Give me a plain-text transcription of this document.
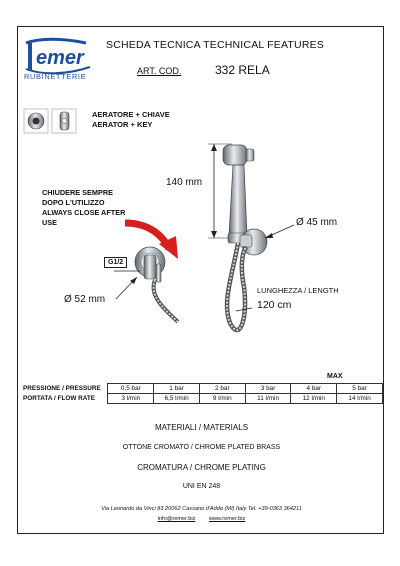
emer
RUBINETTERIE
SCHEDA TECNICA TECHNICAL FEATURES
ART. COD.	332 RELA
AERATORE + CHIAVE
AERATOR + KEY
CHIUDERE SEMPRE
DOPO L'UTILIZZO
ALWAYS CLOSE AFTER
USE
140 mm
Ø 45 mm
G1/2
Ø 52 mm
LUNGHEZZA / LENGTH
120 cm
MAX
PRESSIONE / PRESSURE	0,5 bar	1 bar	2 bar	3 bar	4 bar	5 bar
PORTATA / FLOW RATE	3 l/min	6,5 l/min	9 l/min	11 l/min	12 l/min	14 l/min
MATERIALI / MATERIALS
OTTONE CROMATO / CHROME PLATED BRASS
CROMATURA / CHROME PLATING
UNI EN 248
Via Leonardo da Vinci 83 20062 Cassano d'Adda (MI) Italy Tel. +39-0363 364211
info@remer.biz www.remer.biz
